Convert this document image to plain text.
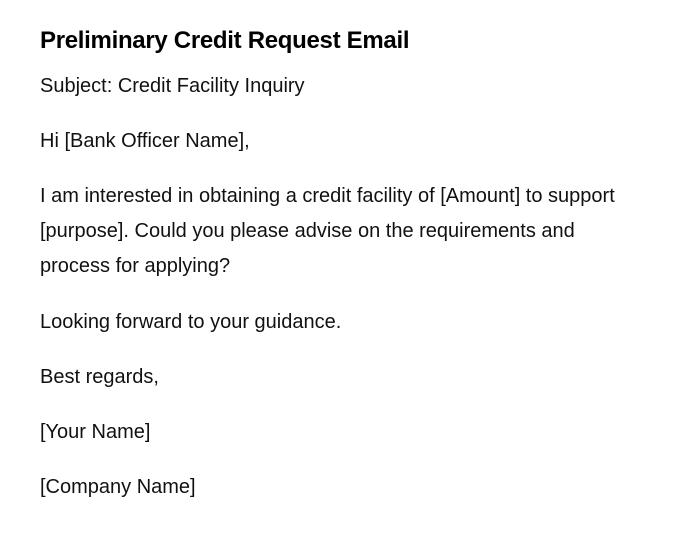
Preliminary Credit Request Email

Subject: Credit Facility Inquiry

Hi [Bank Officer Name],

I am interested in obtaining a credit facility of [Amount] to support [purpose]. Could you please advise on the requirements and process for applying?

Looking forward to your guidance.

Best regards,

[Your Name]

[Company Name]
